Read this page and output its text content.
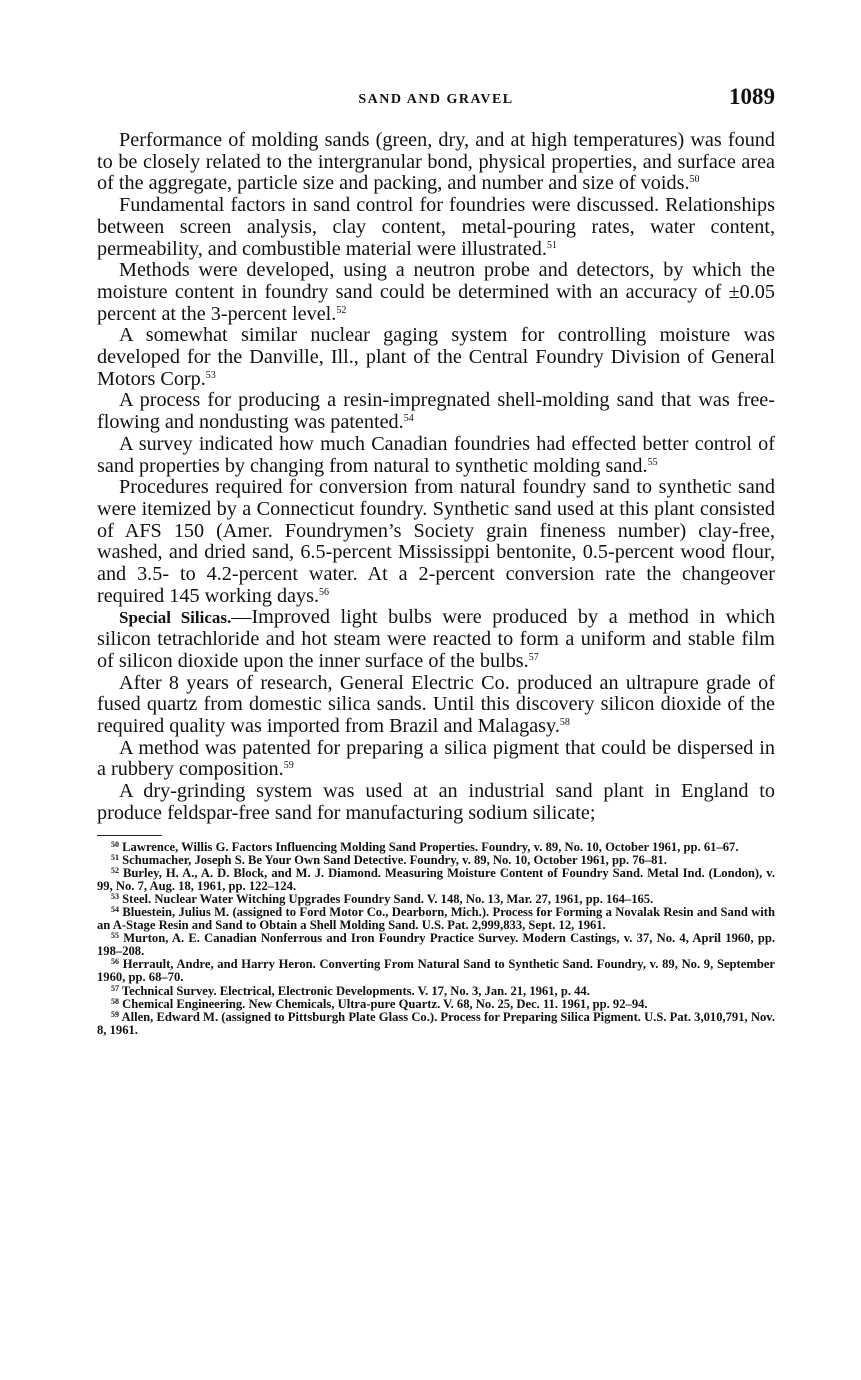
SAND AND GRAVEL	1089

Performance of molding sands (green, dry, and at high temperatures) was found to be closely related to the intergranular bond, physical properties, and surface area of the aggregate, particle size and packing, and number and size of voids.$^{50}$

Fundamental factors in sand control for foundries were discussed. Relationships between screen analysis, clay content, metal-pouring rates, water content, permeability, and combustible material were illustrated.$^{51}$

Methods were developed, using a neutron probe and detectors, by which the moisture content in foundry sand could be determined with an accuracy of ±0.05 percent at the 3-percent level.$^{52}$

A somewhat similar nuclear gaging system for controlling moisture was developed for the Danville, Ill., plant of the Central Foundry Division of General Motors Corp.$^{53}$

A process for producing a resin-impregnated shell-molding sand that was free-flowing and nondusting was patented.$^{54}$

A survey indicated how much Canadian foundries had effected better control of sand properties by changing from natural to synthetic molding sand.$^{55}$

Procedures required for conversion from natural foundry sand to synthetic sand were itemized by a Connecticut foundry. Synthetic sand used at this plant consisted of AFS 150 (Amer. Foundrymen’s Society grain fineness number) clay-free, washed, and dried sand, 6.5-percent Mississippi bentonite, 0.5-percent wood flour, and 3.5- to 4.2-percent water. At a 2-percent conversion rate the changeover required 145 working days.$^{56}$

Special Silicas.—Improved light bulbs were produced by a method in which silicon tetrachloride and hot steam were reacted to form a uniform and stable film of silicon dioxide upon the inner surface of the bulbs.$^{57}$

After 8 years of research, General Electric Co. produced an ultrapure grade of fused quartz from domestic silica sands. Until this discovery silicon dioxide of the required quality was imported from Brazil and Malagasy.$^{58}$

A method was patented for preparing a silica pigment that could be dispersed in a rubbery composition.$^{59}$

A dry-grinding system was used at an industrial sand plant in England to produce feldspar-free sand for manufacturing sodium silicate;

$^{50}$ Lawrence, Willis G. Factors Influencing Molding Sand Properties. Foundry, v. 89, No. 10, October 1961, pp. 61–67.

$^{51}$ Schumacher, Joseph S. Be Your Own Sand Detective. Foundry, v. 89, No. 10, October 1961, pp. 76–81.

$^{52}$ Burley, H. A., A. D. Block, and M. J. Diamond. Measuring Moisture Content of Foundry Sand. Metal Ind. (London), v. 99, No. 7, Aug. 18, 1961, pp. 122–124.

$^{53}$ Steel. Nuclear Water Witching Upgrades Foundry Sand. V. 148, No. 13, Mar. 27, 1961, pp. 164–165.

$^{54}$ Bluestein, Julius M. (assigned to Ford Motor Co., Dearborn, Mich.). Process for Forming a Novalak Resin and Sand with an A-Stage Resin and Sand to Obtain a Shell Molding Sand. U.S. Pat. 2,999,833, Sept. 12, 1961.

$^{55}$ Murton, A. E. Canadian Nonferrous and Iron Foundry Practice Survey. Modern Castings, v. 37, No. 4, April 1960, pp. 198–208.

$^{56}$ Herrault, Andre, and Harry Heron. Converting From Natural Sand to Synthetic Sand. Foundry, v. 89, No. 9, September 1960, pp. 68–70.

$^{57}$ Technical Survey. Electrical, Electronic Developments. V. 17, No. 3, Jan. 21, 1961, p. 44.

$^{58}$ Chemical Engineering. New Chemicals, Ultra-pure Quartz. V. 68, No. 25, Dec. 11. 1961, pp. 92–94.

$^{59}$ Allen, Edward M. (assigned to Pittsburgh Plate Glass Co.). Process for Preparing Silica Pigment. U.S. Pat. 3,010,791, Nov. 8, 1961.
